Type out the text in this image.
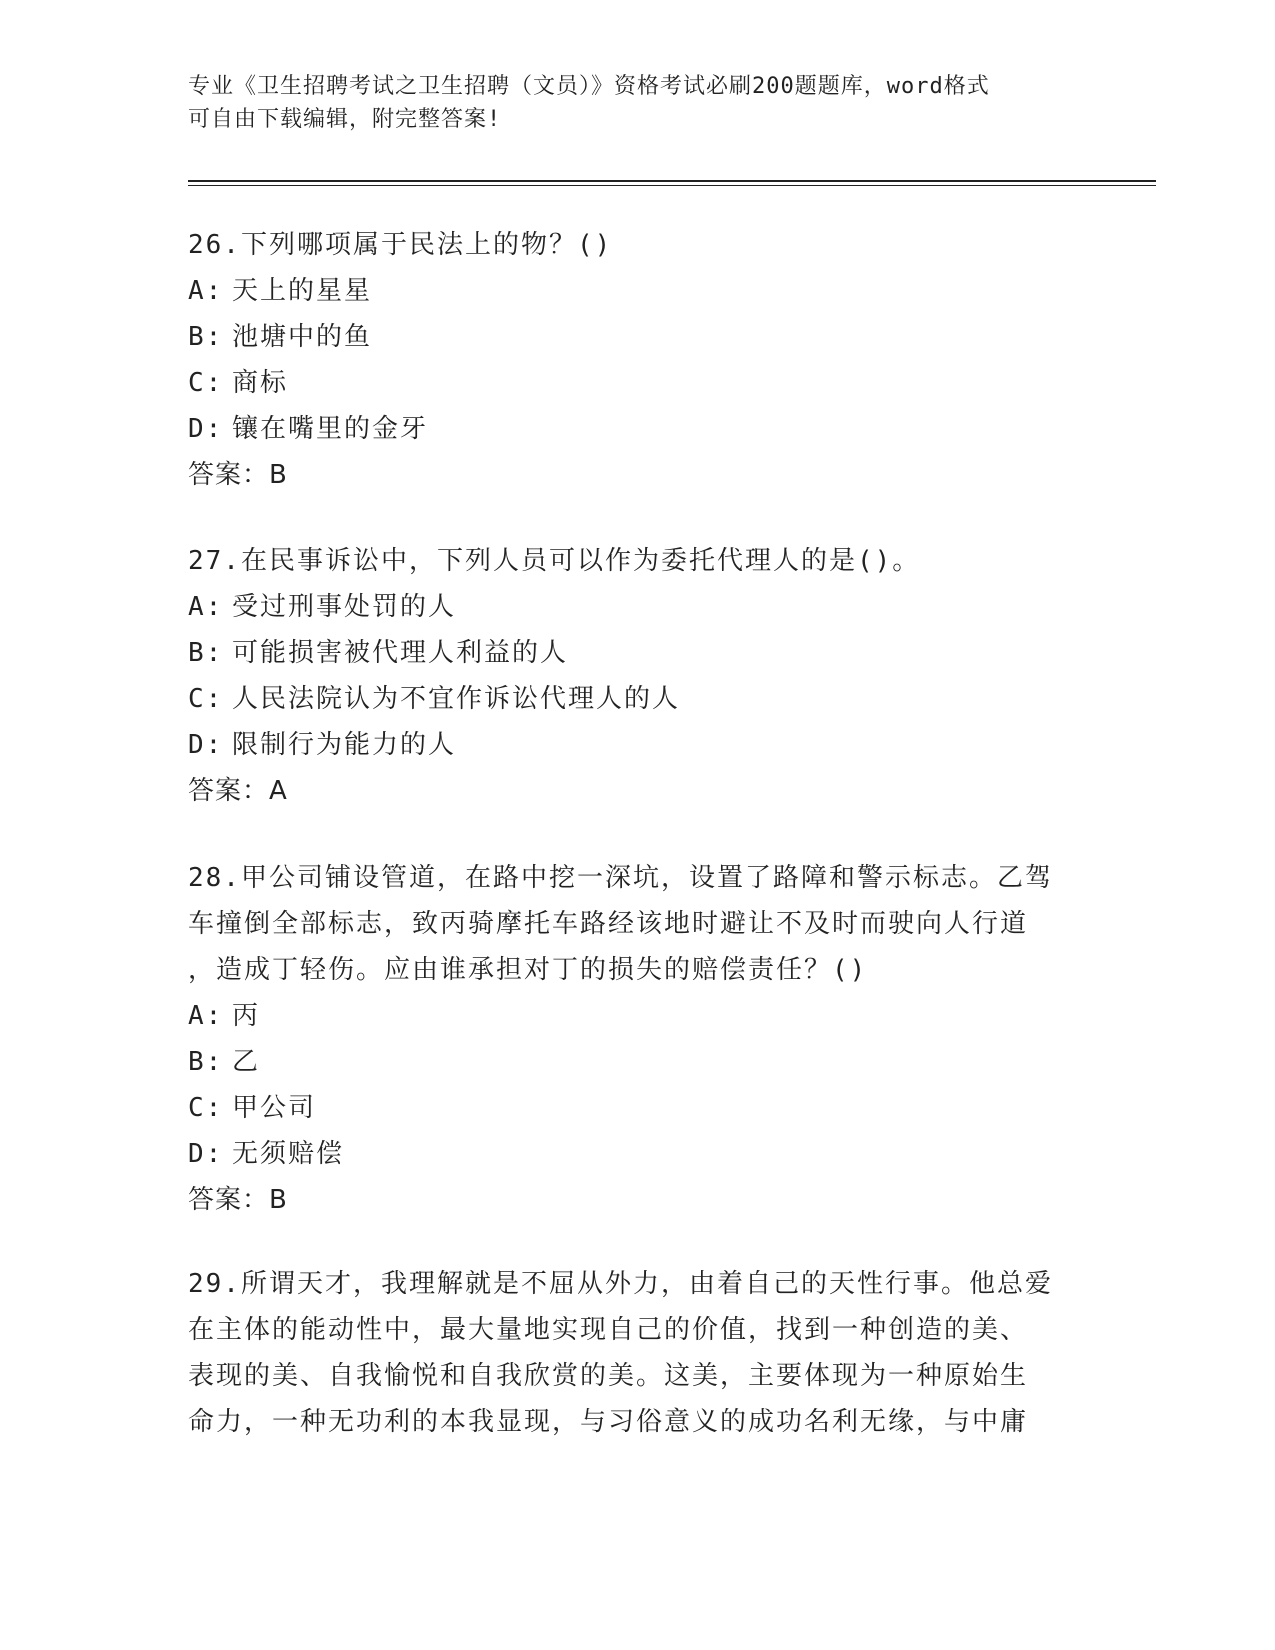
专业《卫生招聘考试之卫生招聘（文员）》资格考试必刷200题题库，word格式
可自由下载编辑，附完整答案!
26.下列哪项属于民法上的物？()
A: 天上的星星
B: 池塘中的鱼
C: 商标
D: 镶在嘴里的金牙
答案：B
27.在民事诉讼中，下列人员可以作为委托代理人的是()。
A: 受过刑事处罚的人
B: 可能损害被代理人利益的人
C: 人民法院认为不宜作诉讼代理人的人
D: 限制行为能力的人
答案：A
28.甲公司铺设管道，在路中挖一深坑，设置了路障和警示标志。乙驾
车撞倒全部标志，致丙骑摩托车路经该地时避让不及时而驶向人行道
，造成丁轻伤。应由谁承担对丁的损失的赔偿责任？()
A: 丙
B: 乙
C: 甲公司
D: 无须赔偿
答案：B
29.所谓天才，我理解就是不屈从外力，由着自己的天性行事。他总爱
在主体的能动性中，最大量地实现自己的价值，找到一种创造的美、
表现的美、自我愉悦和自我欣赏的美。这美，主要体现为一种原始生
命力，一种无功利的本我显现，与习俗意义的成功名利无缘，与中庸
